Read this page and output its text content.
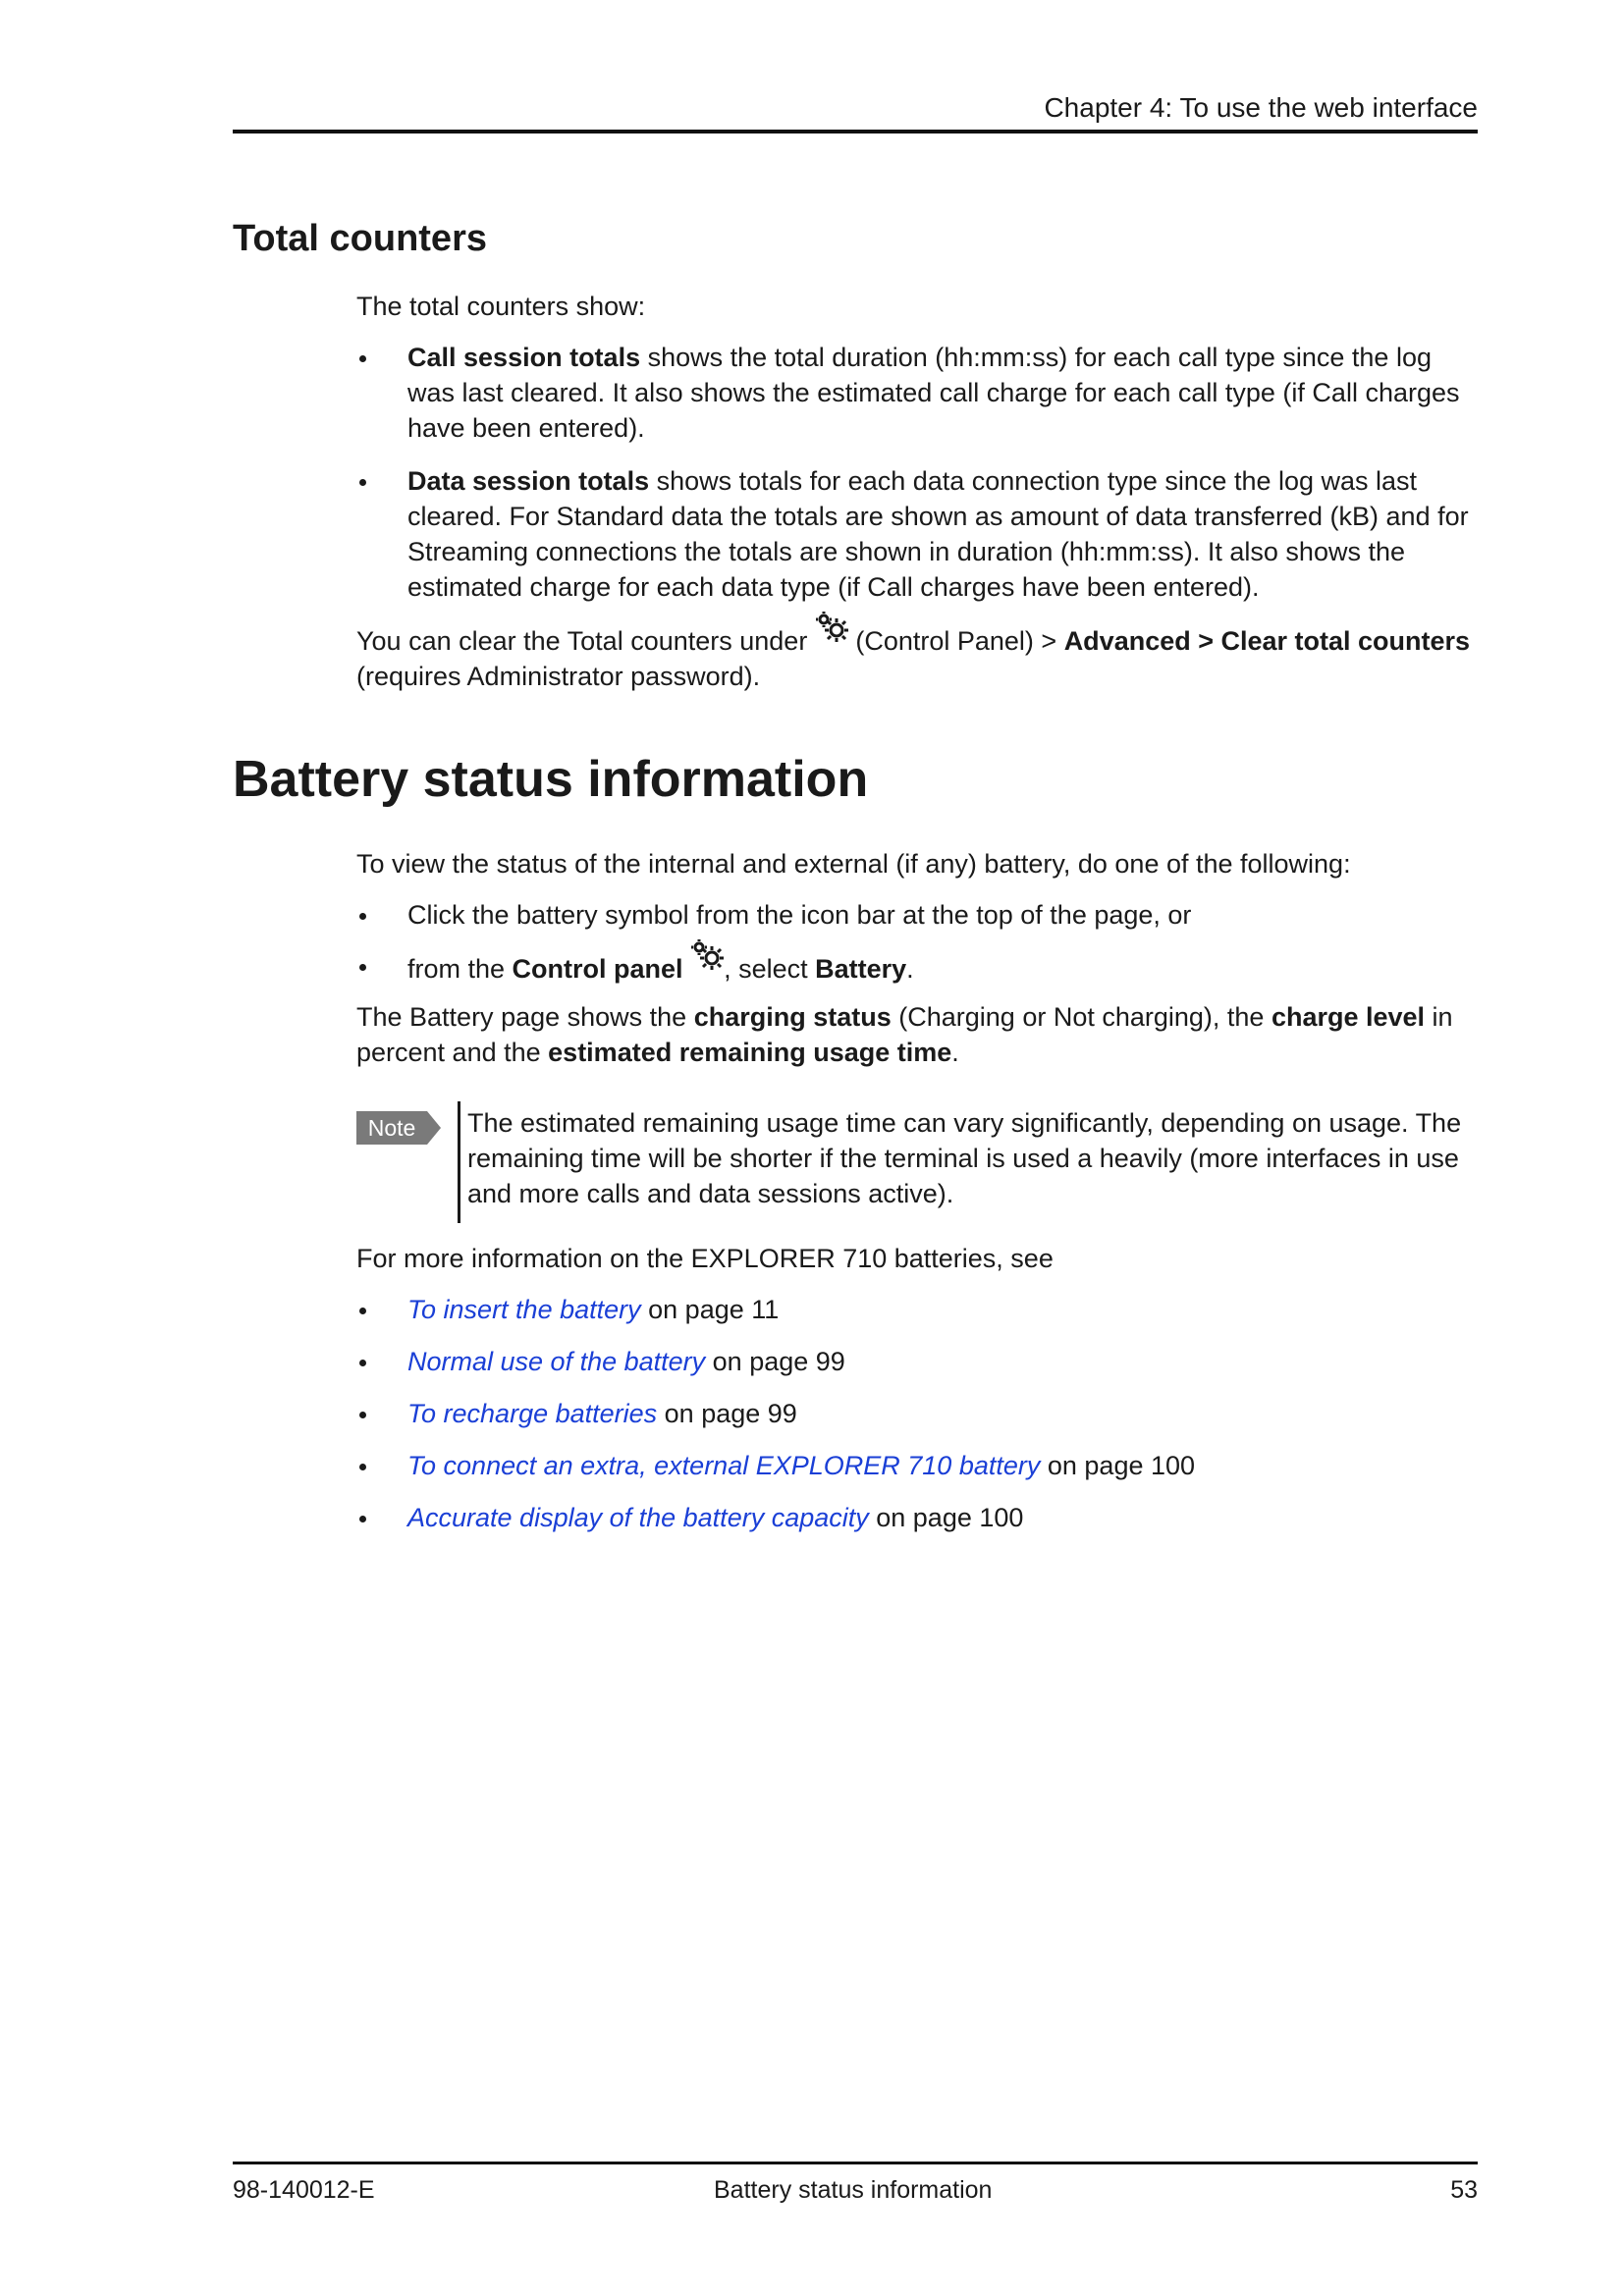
Chapter 4: To use the web interface
Total counters
The total counters show:
Call session totals shows the total duration (hh:mm:ss) for each call type since the log was last cleared. It also shows the estimated call charge for each call type (if Call charges have been entered).
Data session totals shows totals for each data connection type since the log was last cleared. For Standard data the totals are shown as amount of data transferred (kB) and for Streaming connections the totals are shown in duration (hh:mm:ss). It also shows the estimated charge for each data type (if Call charges have been entered).
You can clear the Total counters under  (Control Panel) > Advanced > Clear total counters (requires Administrator password).
Battery status information
To view the status of the internal and external (if any) battery, do one of the following:
Click the battery symbol from the icon bar at the top of the page, or
from the Control panel , select Battery.
The Battery page shows the charging status (Charging or Not charging), the charge level in percent and the estimated remaining usage time.
Note	The estimated remaining usage time can vary significantly, depending on usage. The remaining time will be shorter if the terminal is used a heavily (more interfaces in use and more calls and data sessions active).
For more information on the EXPLORER 710 batteries, see
To insert the battery on page 11
Normal use of the battery on page 99
To recharge batteries on page 99
To connect an extra, external EXPLORER 710 battery on page 100
Accurate display of the battery capacity on page 100
98-140012-E	Battery status information	53
